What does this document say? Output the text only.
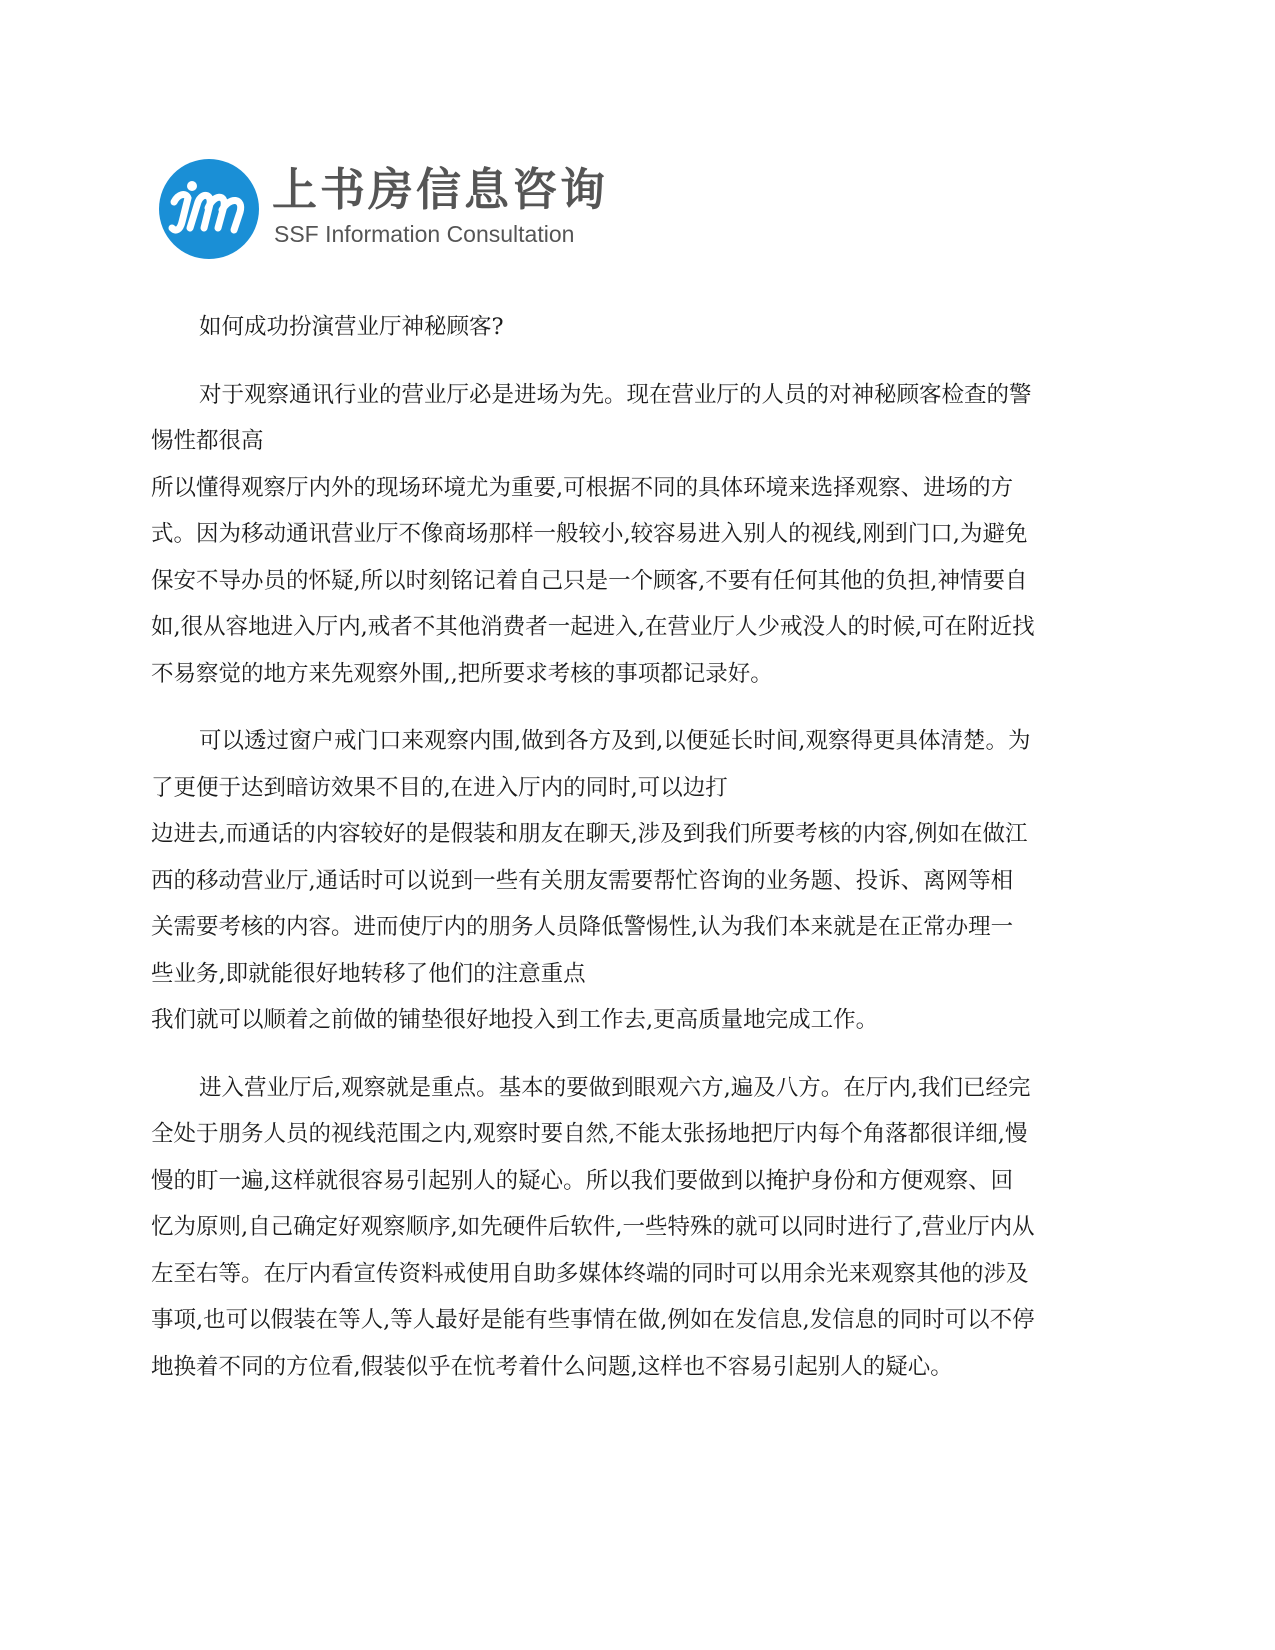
上书房信息咨询
SSF Information Consultation

如何成功扮演营业厅神秘顾客?

对于观察通讯行业的营业厅必是进场为先。现在营业厅的人员的对神秘顾客检查的警
惕性都很高
所以懂得观察厅内外的现场环境尤为重要,可根据不同的具体环境来选择观察、进场的方
式。因为移动通讯营业厅不像商场那样一般较小,较容易进入别人的视线,刚到门口,为避免
保安不导办员的怀疑,所以时刻铭记着自己只是一个顾客,不要有任何其他的负担,神情要自
如,很从容地进入厅内,戒者不其他消费者一起进入,在营业厅人少戒没人的时候,可在附近找
不易察觉的地方来先观察外围,,把所要求考核的事项都记录好。

可以透过窗户戒门口来观察内围,做到各方及到,以便延长时间,观察得更具体清楚。为
了更便于达到暗访效果不目的,在进入厅内的同时,可以边打
边进去,而通话的内容较好的是假装和朋友在聊天,涉及到我们所要考核的内容,例如在做江
西的移动营业厅,通话时可以说到一些有关朋友需要帮忙咨询的业务题、投诉、离网等相
关需要考核的内容。进而使厅内的朋务人员降低警惕性,认为我们本来就是在正常办理一
些业务,即就能很好地转移了他们的注意重点
我们就可以顺着之前做的铺垫很好地投入到工作去,更高质量地完成工作。

进入营业厅后,观察就是重点。基本的要做到眼观六方,遍及八方。在厅内,我们已经完
全处于朋务人员的视线范围之内,观察时要自然,不能太张扬地把厅内每个角落都很详细,慢
慢的盯一遍,这样就很容易引起别人的疑心。所以我们要做到以掩护身份和方便观察、回
忆为原则,自己确定好观察顺序,如先硬件后软件,一些特殊的就可以同时进行了,营业厅内从
左至右等。在厅内看宣传资料戒使用自助多媒体终端的同时可以用余光来观察其他的涉及
事项,也可以假装在等人,等人最好是能有些事情在做,例如在发信息,发信息的同时可以不停
地换着不同的方位看,假装似乎在忼考着什么问题,这样也不容易引起别人的疑心。
